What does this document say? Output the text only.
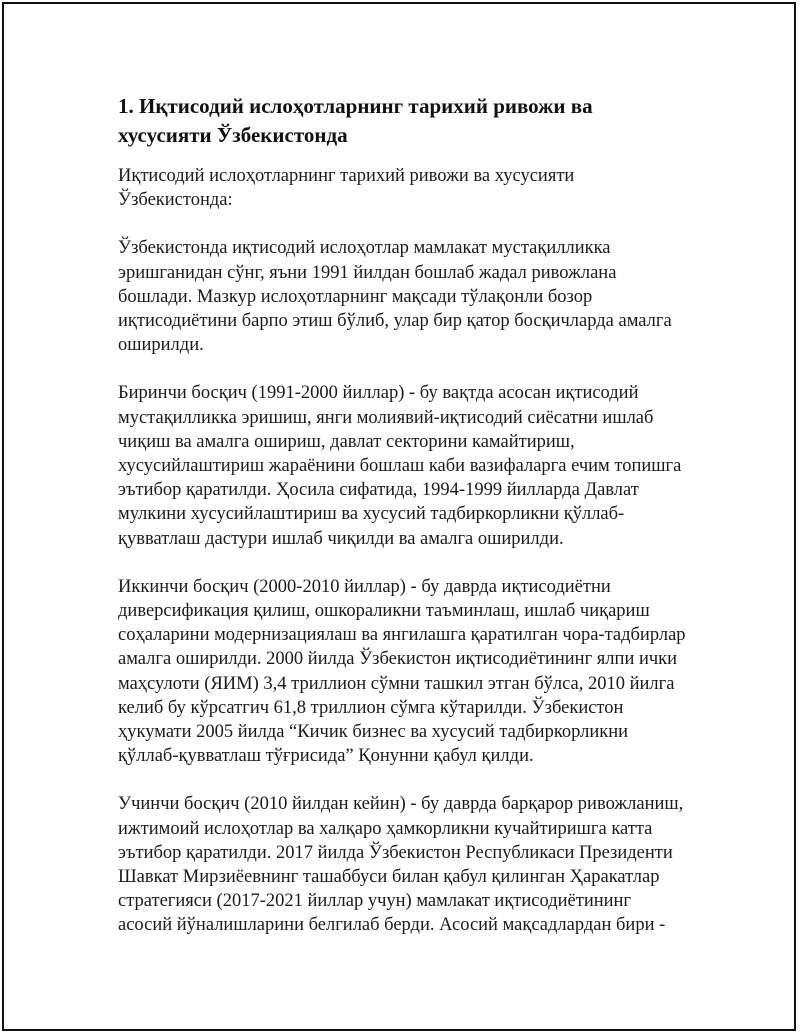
1. Иқтисодий ислоҳотларнинг тарихий ривожи ва
хусусияти Ўзбекистонда

Иқтисодий ислоҳотларнинг тарихий ривожи ва хусусияти
Ўзбекистонда:

Ўзбекистонда иқтисодий ислоҳотлар мамлакат мустақилликка
эришганидан сўнг, яъни 1991 йилдан бошлаб жадал ривожлана
бошлади. Мазкур ислоҳотларнинг мақсади тўлақонли бозор
иқтисодиётини барпо этиш бўлиб, улар бир қатор босқичларда амалга
оширилди.

Биринчи босқич (1991-2000 йиллар) - бу вақтда асосан иқтисодий
мустақилликка эришиш, янги молиявий-иқтисодий сиёсатни ишлаб
чиқиш ва амалга ошириш, давлат секторини камайтириш,
хусусийлаштириш жараёнини бошлаш каби вазифаларга ечим топишга
эътибор қаратилди. Ҳосила сифатида, 1994-1999 йилларда Давлат
мулкини хусусийлаштириш ва хусусий тадбиркорликни қўллаб-
қувватлаш дастури ишлаб чиқилди ва амалга оширилди.

Иккинчи босқич (2000-2010 йиллар) - бу даврда иқтисодиётни
диверсификация қилиш, ошкораликни таъминлаш, ишлаб чиқариш
соҳаларини модернизациялаш ва янгилашга қаратилган чора-тадбирлар
амалга оширилди. 2000 йилда Ўзбекистон иқтисодиётининг ялпи ички
маҳсулоти (ЯИМ) 3,4 триллион сўмни ташкил этган бўлса, 2010 йилга
келиб бу кўрсатгич 61,8 триллион сўмга кўтарилди. Ўзбекистон
ҳукумати 2005 йилда “Кичик бизнес ва хусусий тадбиркорликни
қўллаб-қувватлаш тўғрисида” Қонунни қабул қилди.

Учинчи босқич (2010 йилдан кейин) - бу даврда барқарор ривожланиш,
ижтимоий ислоҳотлар ва халқаро ҳамкорликни кучайтиришга катта
эътибор қаратилди. 2017 йилда Ўзбекистон Республикаси Президенти
Шавкат Мирзиёевнинг ташаббуси билан қабул қилинган Ҳаракатлар
стратегияси (2017-2021 йиллар учун) мамлакат иқтисодиётининг
асосий йўналишларини белгилаб берди. Асосий мақсадлардан бири -
